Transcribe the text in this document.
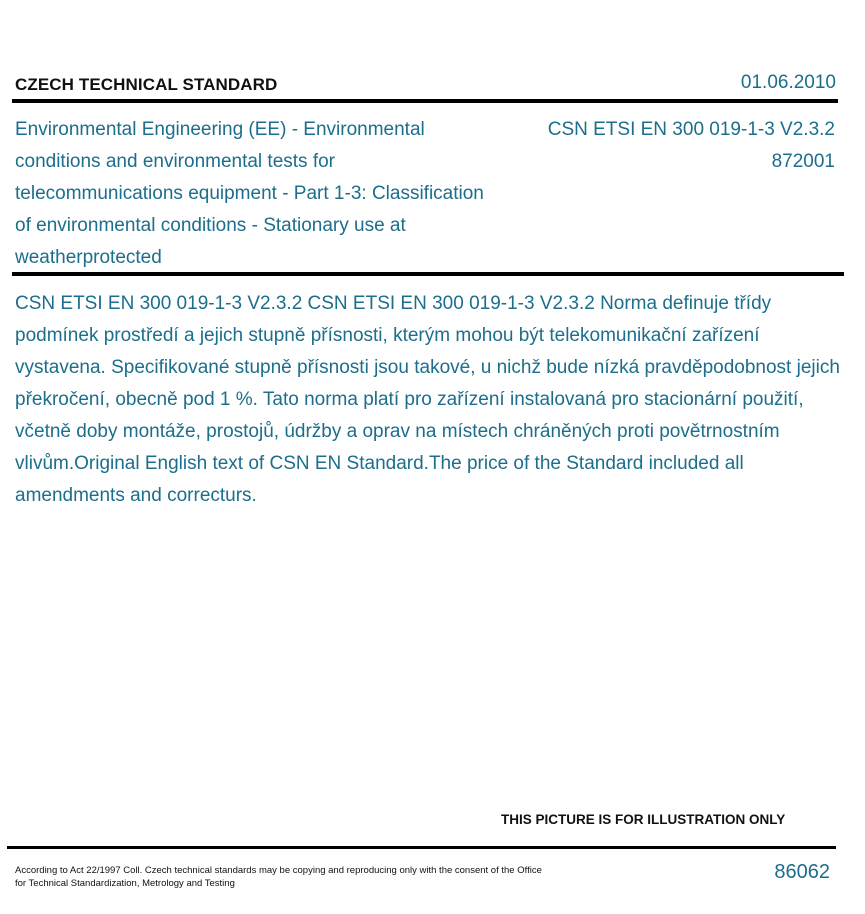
CZECH TECHNICAL STANDARD	01.06.2010

Environmental Engineering (EE) - Environmental conditions and environmental tests for telecommunications equipment - Part 1-3: Classification of environmental conditions - Stationary use at weatherprotected

CSN ETSI EN 300 019-1-3 V2.3.2
872001

CSN ETSI EN 300 019-1-3 V2.3.2 CSN ETSI EN 300 019-1-3 V2.3.2 Norma definuje třídy podmínek prostředí a jejich stupně přísnosti, kterým mohou být telekomunikační zařízení vystavena. Specifikované stupně přísnosti jsou takové, u nichž bude nízká pravděpodobnost jejich překročení, obecně pod 1 %. Tato norma platí pro zařízení instalovaná pro stacionární použití, včetně doby montáže, prostojů, údržby a oprav na místech chráněných proti povětrnostním vlivům.Original English text of CSN EN Standard.The price of the Standard included all amendments and correcturs.

THIS PICTURE IS FOR ILLUSTRATION ONLY
According to Act 22/1997 Coll. Czech technical standards may be copying and reproducing only with the consent of the Office
for Technical Standardization, Metrology and Testing
86062
